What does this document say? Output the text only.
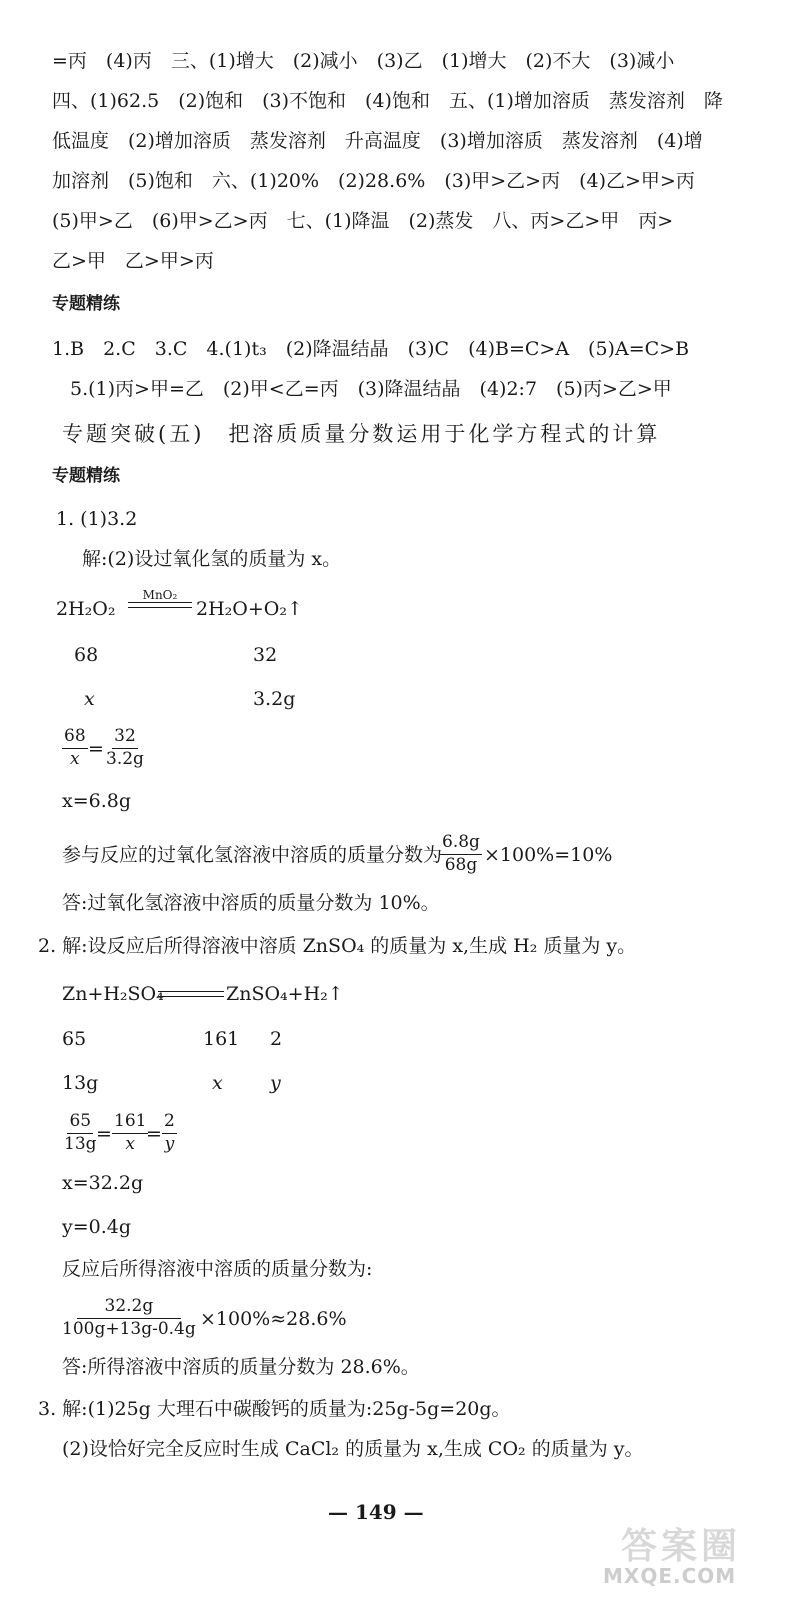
=丙　(4)丙　三、(1)增大　(2)减小　(3)乙　(1)增大　(2)不大　(3)减小
四、(1)62.5　(2)饱和　(3)不饱和　(4)饱和　五、(1)增加溶质　蒸发溶剂　降
低温度　(2)增加溶质　蒸发溶剂　升高温度　(3)增加溶质　蒸发溶剂　(4)增
加溶剂　(5)饱和　六、(1)20%　(2)28.6%　(3)甲>乙>丙　(4)乙>甲>丙
(5)甲>乙　(6)甲>乙>丙　七、(1)降温　(2)蒸发　八、丙>乙>甲　丙>
乙>甲　乙>甲>丙
专题精练
1.B　2.C　3.C　4.(1)t₃　(2)降温结晶　(3)C　(4)B=C>A　(5)A=C>B
5.(1)丙>甲=乙　(2)甲<乙=丙　(3)降温结晶　(4)2:7　(5)丙>乙>甲
专题突破(五)　把溶质质量分数运用于化学方程式的计算
专题精练
1. (1)3.2
解:(2)设过氧化氢的质量为 x。
2H₂O₂
MnO₂
2H₂O+O₂↑
68	32
x	3.2g
$\frac{68}{x} = \frac{32}{3.2g}$
x=6.8g
参与反应的过氧化氢溶液中溶质的质量分数为
$\frac{6.8g}{68g} \times 100\%=10\%$
答:过氧化氢溶液中溶质的质量分数为 10%。
2. 解:设反应后所得溶液中溶质 ZnSO₄ 的质量为 x,生成 H₂ 质量为 y。
Zn+H₂SO₄	ZnSO₄+H₂↑
65	161 2
13g	x y
$\frac{65}{13g}$
= $\frac{161}{x}$
= $\frac{2}{y}$
x=32.2g
y=0.4g
反应后所得溶液中溶质的质量分数为:
$\frac{32.2g}{100g+13g-0.4g} \times 100\%\approx 28.6\%$
答:所得溶液中溶质的质量分数为 28.6%。
3. 解:(1)25g 大理石中碳酸钙的质量为:25g-5g=20g。
(2)设恰好完全反应时生成 CaCl₂ 的质量为 x,生成 CO₂ 的质量为 y。
— 149 —
答案圈
MXQE.COM
